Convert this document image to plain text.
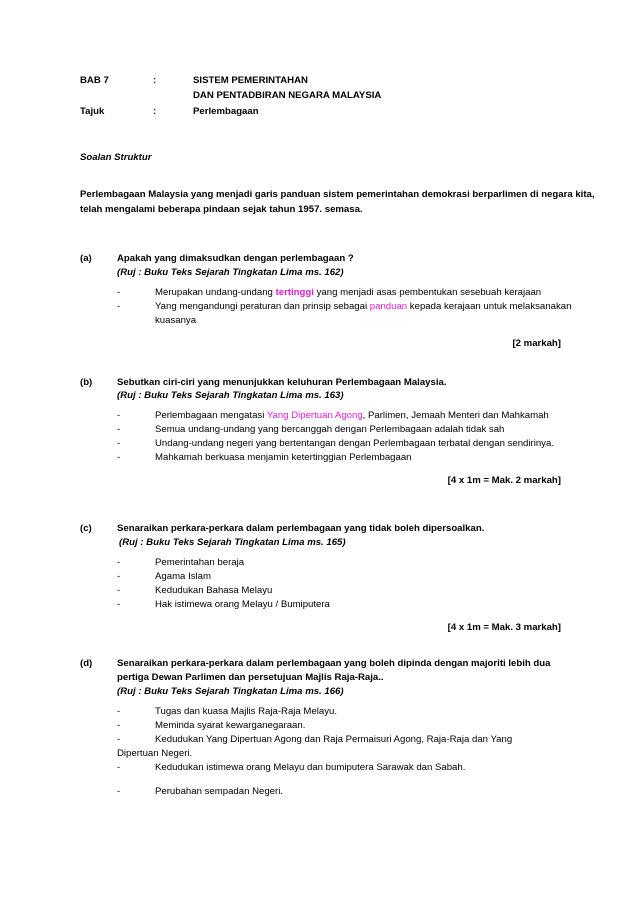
BAB 7	:	SISTEM PEMERINTAHAN
DAN PENTADBIRAN NEGARA MALAYSIA
Tajuk	:	Perlembagaan
Soalan Struktur
Perlembagaan Malaysia yang menjadi garis panduan sistem pemerintahan demokrasi berparlimen di negara kita,
telah mengalami beberapa pindaan sejak tahun 1957. semasa.
(a)	Apakah yang dimaksudkan dengan perlembagaan ?
(Ruj : Buku Teks Sejarah Tingkatan Lima ms. 162)
-	Merupakan undang-undang tertinggi yang menjadi asas pembentukan sesebuah kerajaan
-	Yang mengandungi peraturan dan prinsip sebagai panduan kepada kerajaan untuk melaksanakan
kuasanya
[2 markah]
(b)	Sebutkan ciri-ciri yang menunjukkan keluhuran Perlembagaan Malaysia.
(Ruj : Buku Teks Sejarah Tingkatan Lima ms. 163)
-	Perlembagaan mengatasi Yang Dipertuan Agong, Parlimen, Jemaah Menteri dan Mahkamah
-	Semua undang-undang yang bercanggah dengan Perlembagaan adalah tidak sah
-	Undang-undang negeri yang bertentangan dengan Perlembagaan terbatal dengan sendirinya.
-	Mahkamah berkuasa menjamin ketertinggian Perlembagaan
[4 x 1m = Mak. 2 markah]
(c)	Senaraikan perkara-perkara dalam perlembagaan yang tidak boleh dipersoalkan.
(Ruj : Buku Teks Sejarah Tingkatan Lima ms. 165)
-	Pemerintahan beraja
-	Agama Islam
-	Kedudukan Bahasa Melayu
-	Hak istimewa orang Melayu / Bumiputera
[4 x 1m = Mak. 3 markah]
(d)	Senaraikan perkara-perkara dalam perlembagaan yang boleh dipinda dengan majoriti lebih dua
pertiga Dewan Parlimen dan persetujuan Majlis Raja-Raja..
(Ruj : Buku Teks Sejarah Tingkatan Lima ms. 166)
-	Tugas dan kuasa Majlis Raja-Raja Melayu.
-	Meminda syarat kewarganegaraan.
-	Kedudukan Yang Dipertuan Agong dan Raja Permaisuri Agong, Raja-Raja dan Yang
Dipertuan Negeri.
-	Kedudukan istimewa orang Melayu dan bumiputera Sarawak dan Sabah.
-	Perubahan sempadan Negeri.
